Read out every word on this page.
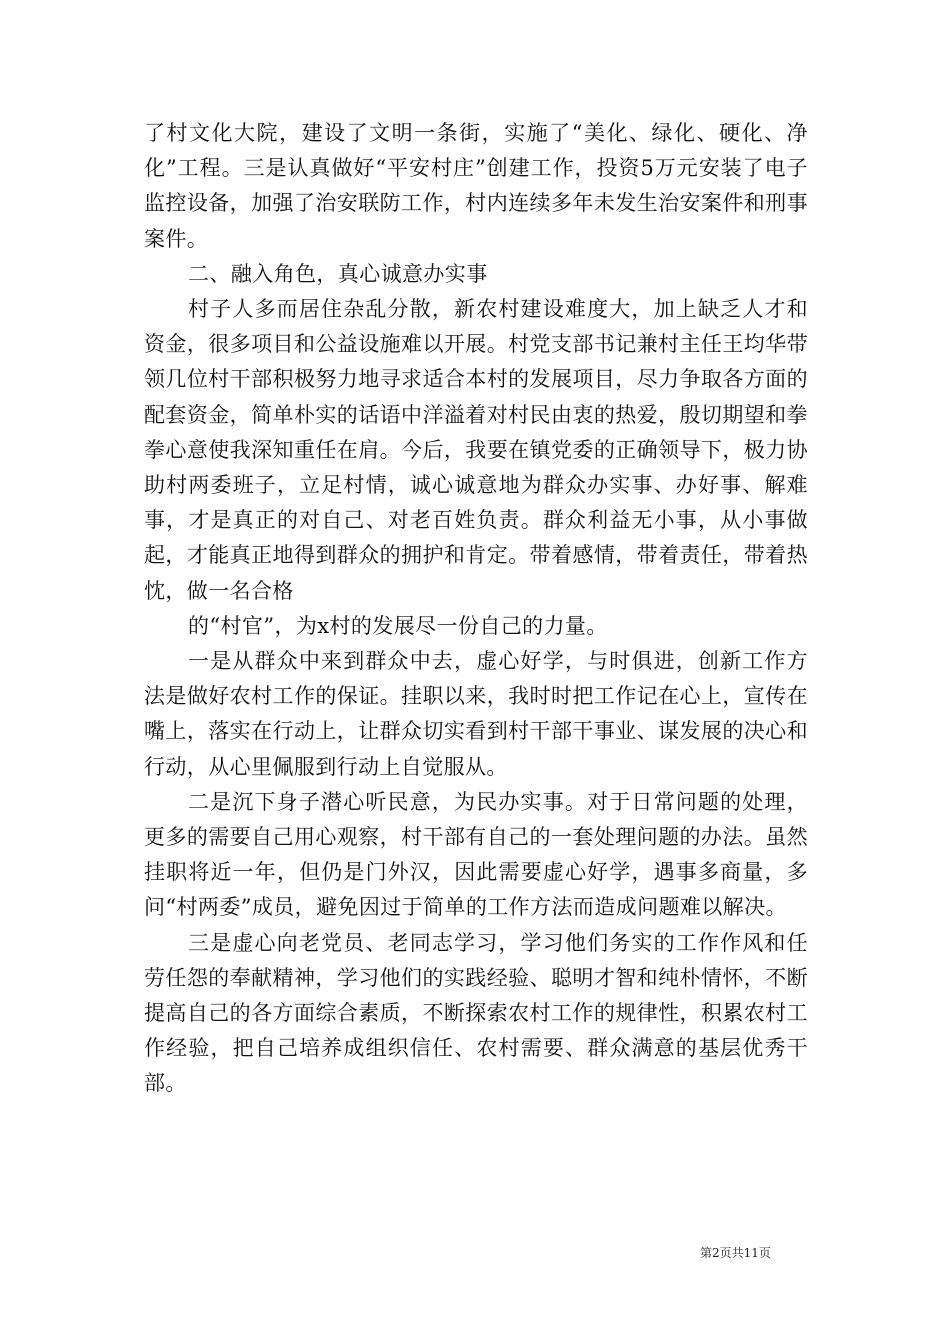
了村文化大院，建设了文明一条街，实施了“美化、绿化、硬化、净化”工程。三是认真做好“平安村庄”创建工作，投资5万元安装了电子监控设备，加强了治安联防工作，村内连续多年未发生治安案件和刑事案件。

二、融入角色，真心诚意办实事

村子人多而居住杂乱分散，新农村建设难度大，加上缺乏人才和资金，很多项目和公益设施难以开展。村党支部书记兼村主任王均华带领几位村干部积极努力地寻求适合本村的发展项目，尽力争取各方面的配套资金，简单朴实的话语中洋溢着对村民由衷的热爱，殷切期望和拳拳心意使我深知重任在肩。今后，我要在镇党委的正确领导下，极力协助村两委班子，立足村情，诚心诚意地为群众办实事、办好事、解难事，才是真正的对自己、对老百姓负责。群众利益无小事，从小事做起，才能真正地得到群众的拥护和肯定。带着感情，带着责任，带着热忱，做一名合格

的“村官”，为x村的发展尽一份自己的力量。

一是从群众中来到群众中去，虚心好学，与时俱进，创新工作方法是做好农村工作的保证。挂职以来，我时时把工作记在心上，宣传在嘴上，落实在行动上，让群众切实看到村干部干事业、谋发展的决心和行动，从心里佩服到行动上自觉服从。

二是沉下身子潜心听民意，为民办实事。对于日常问题的处理，更多的需要自己用心观察，村干部有自己的一套处理问题的办法。虽然挂职将近一年，但仍是门外汉，因此需要虚心好学，遇事多商量，多问“村两委”成员，避免因过于简单的工作方法而造成问题难以解决。

三是虚心向老党员、老同志学习，学习他们务实的工作作风和任劳任怨的奉献精神，学习他们的实践经验、聪明才智和纯朴情怀，不断提高自己的各方面综合素质，不断探索农村工作的规律性，积累农村工作经验，把自己培养成组织信任、农村需要、群众满意的基层优秀干部。

第2页共11页
